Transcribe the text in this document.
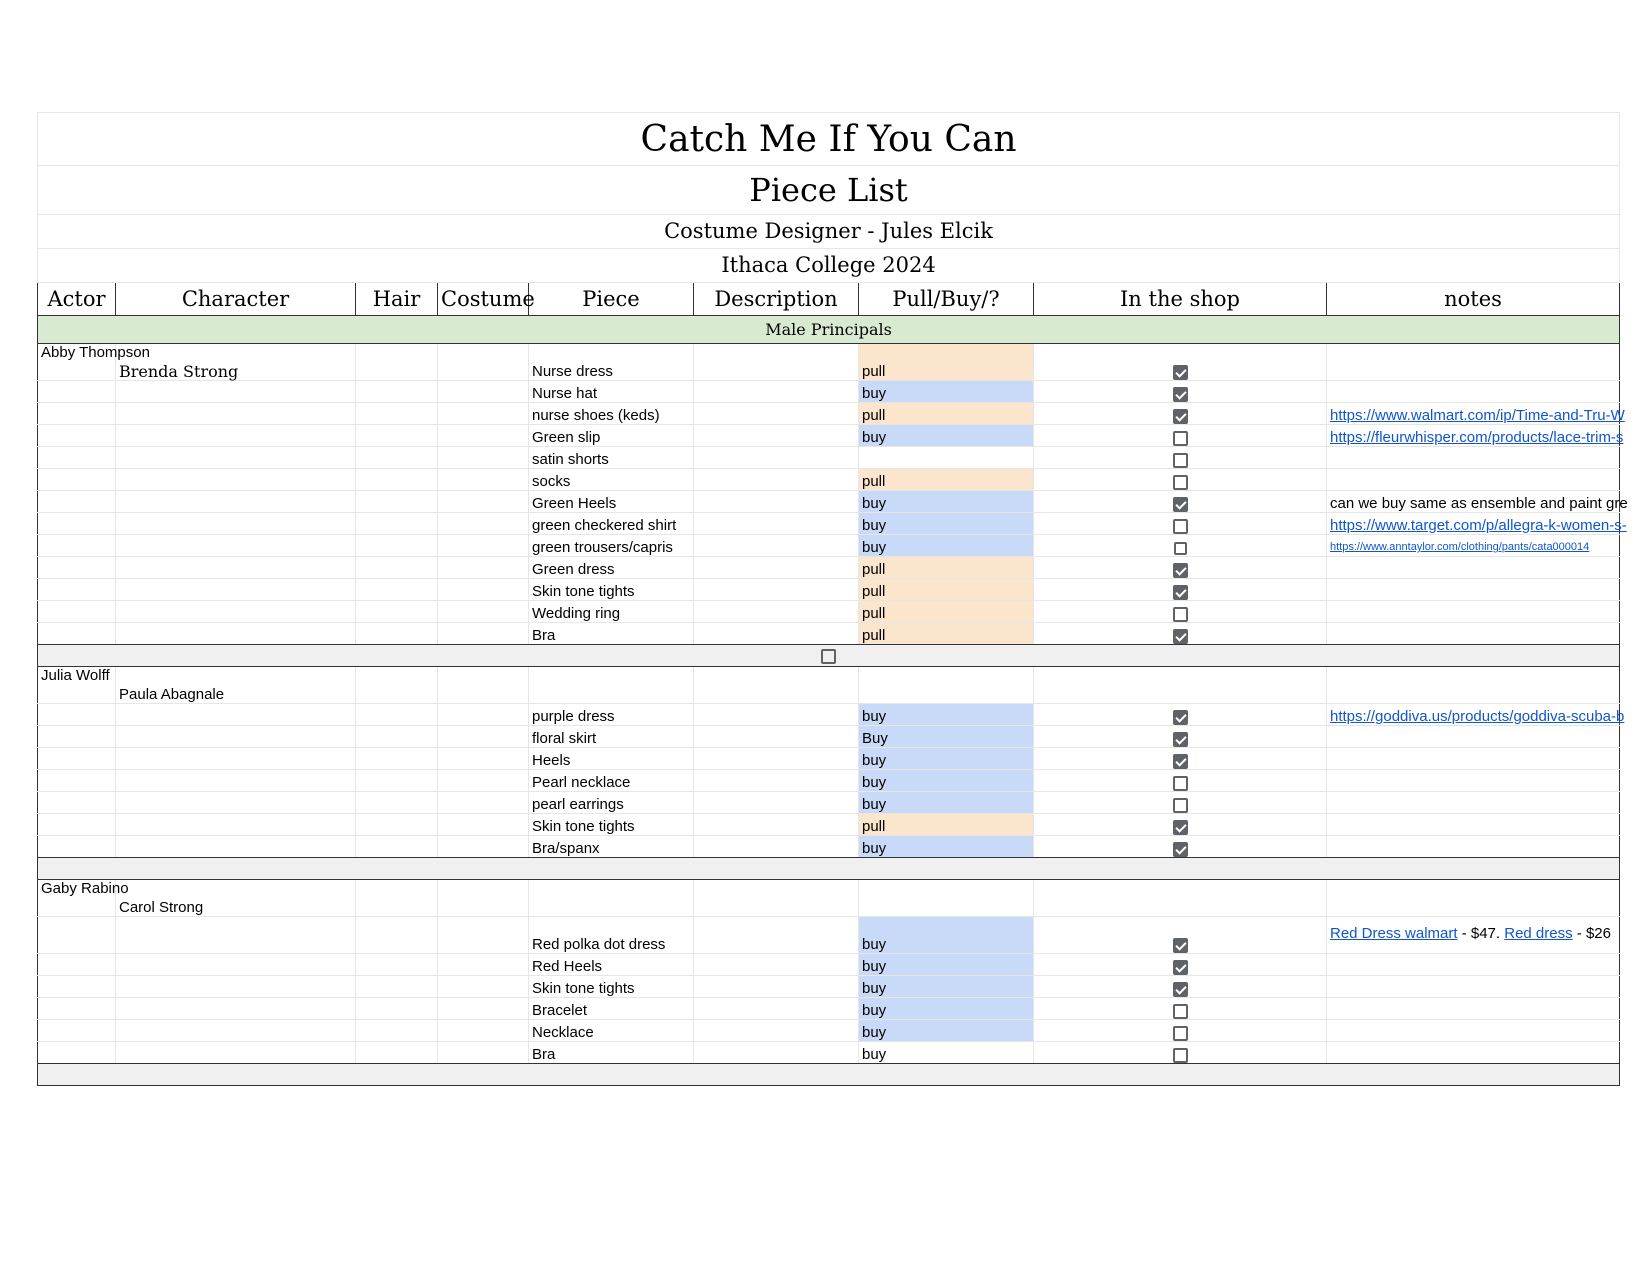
Catch Me If You Can								
Piece List								
Costume Designer - Jules Elcik								
Ithaca College 2024								
Actor	Character	Hair	Costume	Piece	Description	Pull/Buy/?	In the shop	notes
Male Principals								
Abby Thompson	Brenda Strong			Nurse dress		pull		
				Nurse hat		buy		
				nurse shoes (keds)		pull		https://www.walmart.com/ip/Time-and-Tru-W
				Green slip		buy		https://fleurwhisper.com/products/lace-trim-s
				satin shorts				
				socks		pull		
				Green Heels		buy		can we buy same as ensemble and paint gre
				green checkered shirt		buy		https://www.target.com/p/allegra-k-women-s-
				green trousers/capris		buy		https://www.anntaylor.com/clothing/pants/cata000014
				Green dress		pull		
				Skin tone tights		pull		
				Wedding ring		pull		
				Bra		pull		

Julia Wolff	Paula Abagnale							
				purple dress		buy		https://goddiva.us/products/goddiva-scuba-b
				floral skirt		Buy		
				Heels		buy		
				Pearl necklace		buy		
				pearl earrings		buy		
				Skin tone tights		pull		
				Bra/spanx		buy		

Gaby Rabino	Carol Strong							
				Red polka dot dress		buy		Red Dress walmart - $47. Red dress - $26
				Red Heels		buy		
				Skin tone tights		buy		
				Bracelet		buy		
				Necklace		buy		
				Bra		buy		
